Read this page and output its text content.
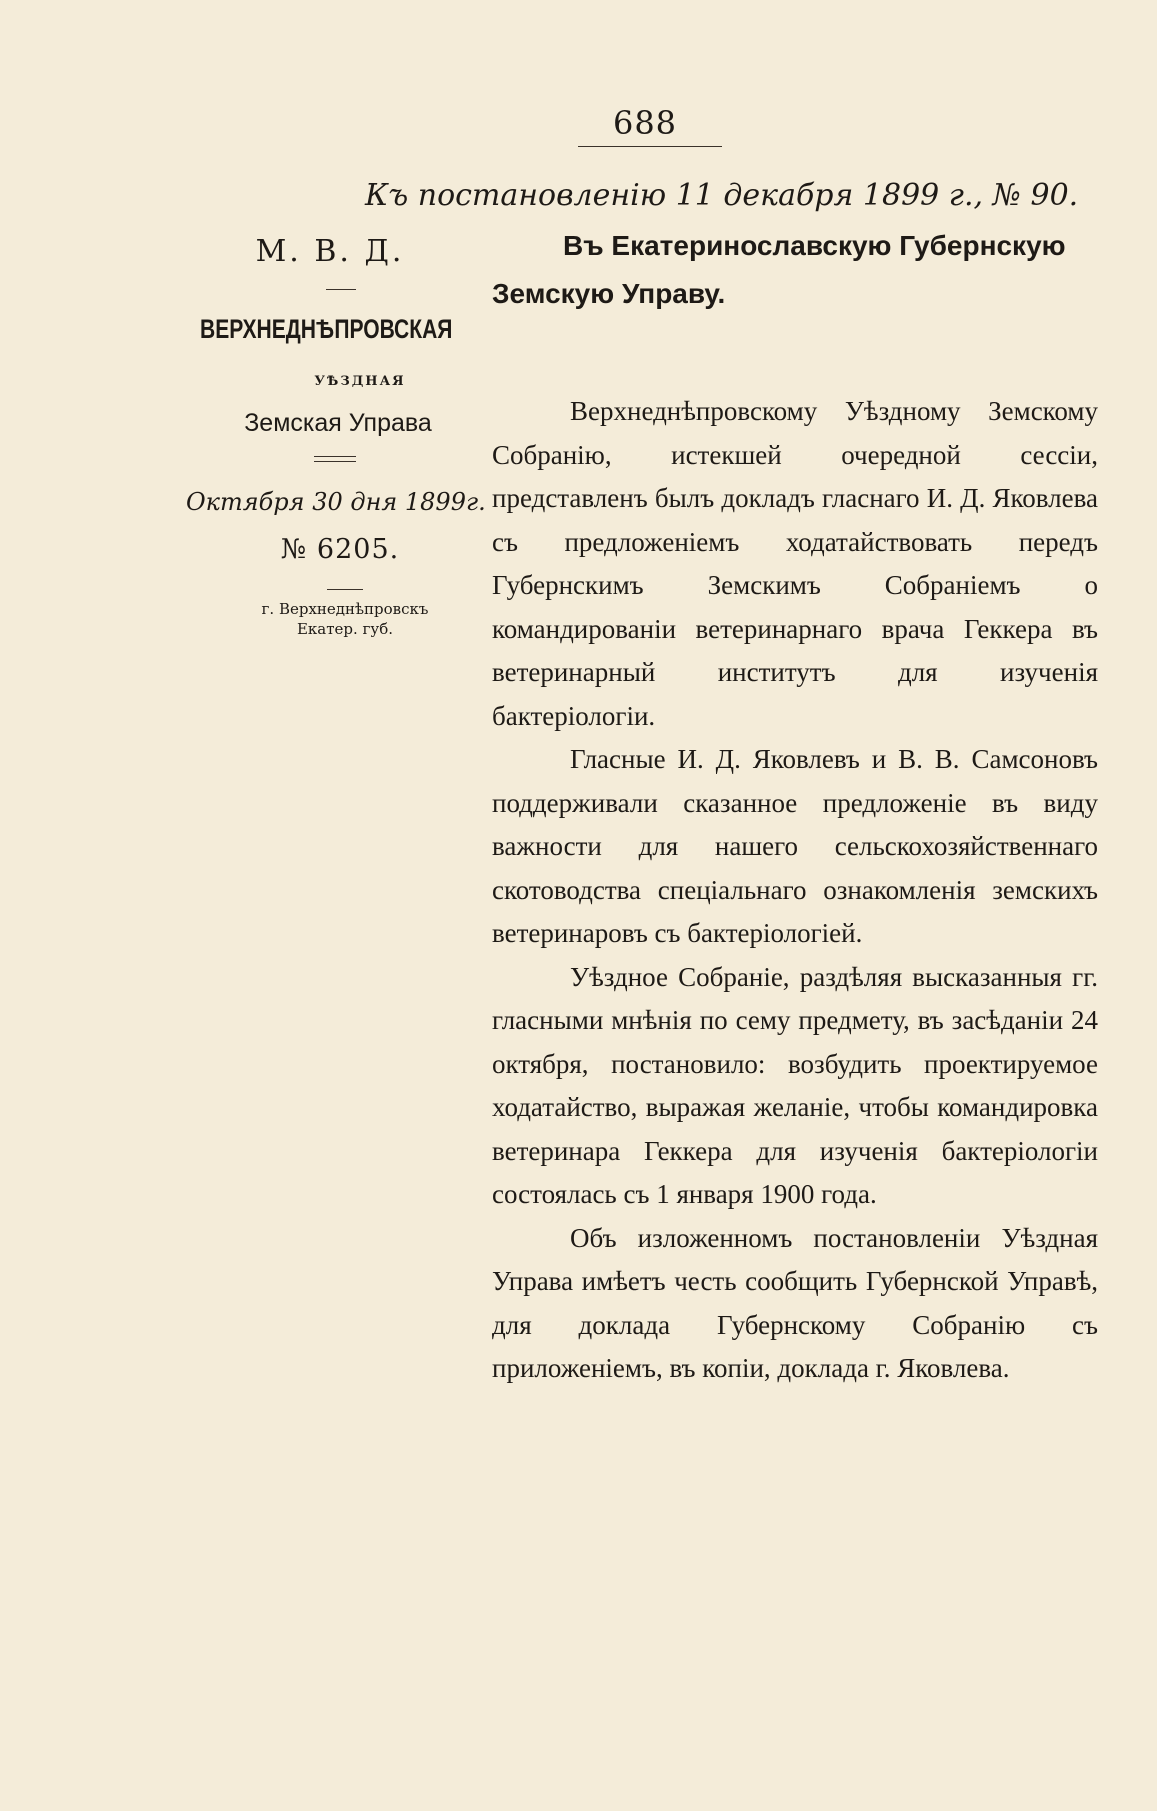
688
Къ постановленію 11 декабря 1899 г., № 90.
М. В. Д.
ВЕРХНЕДНѢПРОВСКАЯ
УѢЗДНАЯ
Земская Управа
Октября 30 дня 1899г.
№ 6205.
г. Верхнеднѣпровскъ
Екатер. губ.
Въ Екатеринославскую Губернскую
Земскую Управу.

Верхнеднѣпровскому Уѣздному Земскому Собранію, истекшей очередной сессіи, представленъ былъ докладъ гласнаго И. Д. Яковлева съ предложеніемъ ходатайствовать передъ Губернскимъ Земскимъ Собраніемъ о командированіи ветеринарнаго врача Геккера въ ветеринарный институтъ для изученія бактеріологіи.

Гласные И. Д. Яковлевъ и В. В. Самсоновъ поддерживали сказанное предложеніе въ виду важности для нашего сельскохозяйственнаго скотоводства спеціальнаго ознакомленія земскихъ ветеринаровъ съ бактеріологіей.

Уѣздное Собраніе, раздѣляя высказанныя гг. гласными мнѣнія по сему предмету, въ засѣданіи 24 октября, постановило: возбудить проектируемое ходатайство, выражая желаніе, чтобы командировка ветеринара Геккера для изученія бактеріологіи состоялась съ 1 января 1900 года.

Объ изложенномъ постановленіи Уѣздная Управа имѣетъ честь сообщить Губернской Управѣ, для доклада Губернскому Собранію съ приложеніемъ, въ копіи, доклада г. Яковлева.
